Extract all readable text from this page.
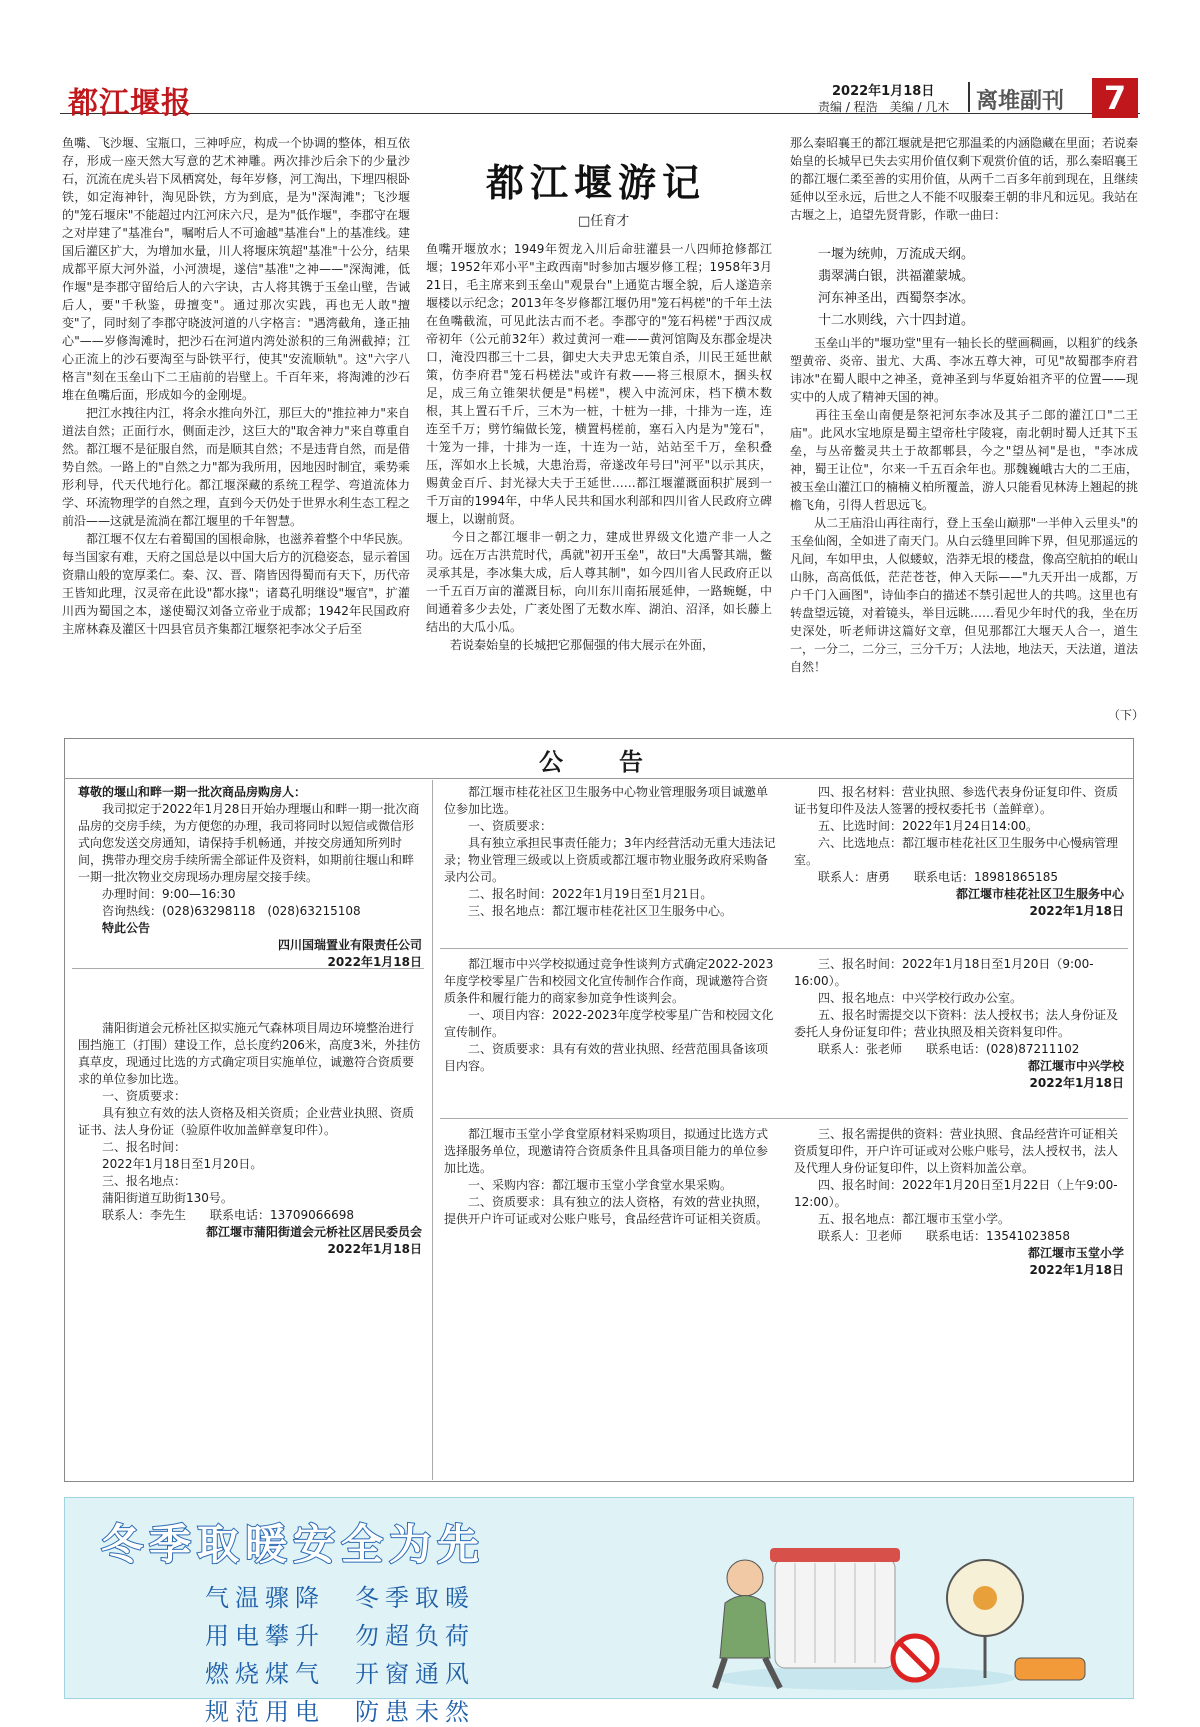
都江堰报	2022年1月18日
责编 / 程浩　美编 / 几木 离堆副刊	7
鱼嘴、飞沙堰、宝瓶口，三神呼应，构成一个协调的整体，相互依存，形成一座天然大写意的艺术神雕。两次排沙后余下的少量沙石，沉流在虎头岩下凤栖窝处，每年岁修，河工淘出，下埋四根卧铁，如定海神针，淘见卧铁，方为到底，是为"深淘滩"；飞沙堰的"笼石堰床"不能超过内江河床六尺，是为"低作堰"，李郡守在堰之对岸建了"基准台"，嘱咐后人不可逾越"基准台"上的基准线。建国后灌区扩大，为增加水量，川人将堰床筑超"基准"十公分，结果成都平原大河外溢，小河溃堤，遂信"基准"之神——"深淘滩，低作堰"是李郡守留给后人的六字诀，古人将其镌于玉垒山壁，告诫后人，要"千秋鉴，毋擅变"。通过那次实践，再也无人敢"擅变"了，同时刻了李郡守晓波河道的八字格言："遇湾截角，逢正抽心"——岁修淘滩时，把沙石在河道内湾处淤积的三角洲截掉；江心正流上的沙石要淘至与卧铁平行，使其"安流顺轨"。这"六字八格言"刻在玉垒山下二王庙前的岩壁上。千百年来，将淘滩的沙石堆在鱼嘴后面，形成如今的金刚堤。
　　把江水拽往内江，将余水推向外江，那巨大的"推拉神力"来自道法自然；正面行水，侧面走沙，这巨大的"取舍神力"来自尊重自然。都江堰不是征服自然，而是顺其自然；不是违背自然，而是借势自然。一路上的"自然之力"都为我所用，因地因时制宜，乘势乘形利导，代天代地行化。都江堰深藏的系统工程学、弯道流体力学、环流物理学的自然之理，直到今天仍处于世界水利生态工程之前沿——这就是流淌在都江堰里的千年智慧。
　　都江堰不仅左右着蜀国的国根命脉，也滋养着整个中华民族。每当国家有难，天府之国总是以中国大后方的沉稳姿态，显示着国资鼎山般的宽厚柔仁。秦、汉、晋、隋皆因得蜀而有天下，历代帝王皆知此理，汉灵帝在此设"都水掾"；诸葛孔明继设"堰官"，扩灌川西为蜀国之本，遂使蜀汉刘备立帝业于成都；1942年民国政府主席林森及灌区十四县官员齐集都江堰祭祀李冰父子后至
都江堰游记
□任育才
鱼嘴开堰放水；1949年贺龙入川后命驻灌县一八四师抢修都江堰；1952年邓小平"主政西南"时参加古堰岁修工程；1958年3月21日，毛主席来到玉垒山"观景台"上通览古堰全貌，后人遂造亲堰楼以示纪念；2013年冬岁修都江堰仍用"笼石杩槎"的千年土法在鱼嘴截流，可见此法古而不老。李郡守的"笼石杩槎"于西汉成帝初年（公元前32年）救过黄河一难——黄河馆陶及东郡金堤决口，淹没四郡三十二县，御史大夫尹忠无策自杀，川民王延世献策，仿李府君"笼石杩槎法"或许有救——将三根原木，捆头权足，成三角立锥架状便是"杩槎"，楔入中流河床，档下横木数根，其上置石千斤，三木为一桩，十桩为一排，十排为一连，连连至千万；劈竹编做长笼，横置杩槎前，塞石入内是为"笼石"，十笼为一排，十排为一连，十连为一站，站站至千万，垒积叠压，浑如水上长城，大患治焉，帝遂改年号曰"河平"以示其庆，赐黄金百斤、封光禄大夫于王延世……都江堰灌溉面积扩展到一千万亩的1994年，中华人民共和国水利部和四川省人民政府立碑堰上，以谢前贤。
　　今日之都江堰非一朝之力，建成世界级文化遗产非一人之功。远在万古洪荒时代，禹就"初开玉垒"，故曰"大禹警其端，鳖灵承其是，李冰集大成，后人尊其制"，如今四川省人民政府正以一千五百万亩的灌溉目标，向川东川南拓展延伸，一路蜿蜒，中间通着多少去处，广袤处图了无数水库、湖泊、沼泽，如长藤上结出的大瓜小瓜。
　　若说秦始皇的长城把它那倔强的伟大展示在外面，
那么秦昭襄王的都江堰就是把它那温柔的内涵隐藏在里面；若说秦始皇的长城早已失去实用价值仅剩下观赏价值的话，那么秦昭襄王的都江堰仁柔至善的实用价值，从两千二百多年前到现在，且继续延伸以至永远，后世之人不能不叹服秦王朝的非凡和远见。我站在古堰之上，追望先贤背影，作歌一曲曰：
一堰为统帅，万流成天纲。
翡翠满白银，洪福灌蒙城。
河东神圣出，西蜀祭李冰。
十二水则线，六十四封道。
　　玉垒山半的"堰功堂"里有一轴长长的壁画稠画，以粗犷的线条塑黄帝、炎帝、蚩尤、大禹、李冰五尊大神，可见"故蜀郡李府君讳冰"在蜀人眼中之神圣，竟神圣到与华夏始祖齐平的位置——现实中的人成了精神天国的神。
　　再往玉垒山南便是祭祀河东李冰及其子二郎的灌江口"二王庙"。此风水宝地原是蜀主望帝杜宇陵寝，南北朝时蜀人迁其下玉垒，与丛帝鳖灵共土于故都郫县，今之"望丛祠"是也，"李冰成神，蜀王让位"，尔来一千五百余年也。那魏巍峨古大的二王庙，被玉垒山灌江口的楠楠义柏所覆盖，游人只能看见林涛上翘起的挑檐飞角，引得人哲思远飞。
　　从二王庙沿山再往南行，登上玉垒山巅那"一半伸入云里头"的玉垒仙阁，全如进了南天门。从白云缝里回眸下界，但见那遥远的凡间，车如甲虫，人似蝼蚁，浩莽无垠的楼盘，像高空航拍的岷山山脉，高高低低，茫茫苍苍，伸入天际——"九天开出一成都，万户千门入画图"，诗仙李白的描述不禁引起世人的共鸣。这里也有转盘望远镜，对着镜头，举目远眺……看见少年时代的我，坐在历史深处，听老师讲这篇好文章，但见那都江大堰天人合一，道生一，一分二，二分三，三分千万；人法地，地法天，天法道，道法自然！
（下）
公　告

尊敬的堰山和畔一期一批次商品房购房人：

我司拟定于2022年1月28日开始办理堰山和畔一期一批次商品房的交房手续，为方便您的办理，我司将同时以短信或微信形式向您发送交房通知，请保持手机畅通，并按交房通知所列时间，携带办理交房手续所需全部证件及资料，如期前往堰山和畔一期一批次物业交房现场办理房屋交接手续。

办理时间：9:00—16:30

咨询热线：(028)63298118　(028)63215108

特此公告

四川国瑞置业有限责任公司

2022年1月18日

蒲阳街道会元桥社区拟实施元气森林项目周边环境整治进行围挡施工（打围）建设工作，总长度约206米，高度3米，外挂仿真草皮，现通过比选的方式确定项目实施单位，诚邀符合资质要求的单位参加比选。

一、资质要求：

具有独立有效的法人资格及相关资质；企业营业执照、资质证书、法人身份证（验原件收加盖鲜章复印件）。

二、报名时间：

2022年1月18日至1月20日。

三、报名地点：

蒲阳街道互助街130号。

联系人：李先生　　联系电话：13709066698

都江堰市蒲阳街道会元桥社区居民委员会

2022年1月18日

都江堰市桂花社区卫生服务中心物业管理服务项目诚邀单位参加比选。

一、资质要求：

具有独立承担民事责任能力；3年内经营活动无重大违法记录；物业管理三级或以上资质或都江堰市物业服务政府采购备录内公司。

二、报名时间：2022年1月19日至1月21日。

三、报名地点：都江堰市桂花社区卫生服务中心。

四、报名材料：营业执照、参选代表身份证复印件、资质证书复印件及法人签署的授权委托书（盖鲜章）。

五、比选时间：2022年1月24日14:00。

六、比选地点：都江堰市桂花社区卫生服务中心慢病管理室。

联系人：唐勇　　联系电话：18981865185

都江堰市桂花社区卫生服务中心

2022年1月18日

都江堰市中兴学校拟通过竞争性谈判方式确定2022-2023年度学校零星广告和校园文化宣传制作合作商，现诚邀符合资质条件和履行能力的商家参加竞争性谈判会。

一、项目内容：2022-2023年度学校零星广告和校园文化宣传制作。

二、资质要求：具有有效的营业执照、经营范围具备该项目内容。

三、报名时间：2022年1月18日至1月20日（9:00-16:00）。

四、报名地点：中兴学校行政办公室。

五、报名时需提交以下资料：法人授权书；法人身份证及委托人身份证复印件；营业执照及相关资料复印件。

联系人：张老师　　联系电话：(028)87211102

都江堰市中兴学校

2022年1月18日

都江堰市玉堂小学食堂原材料采购项目，拟通过比选方式选择服务单位，现邀请符合资质条件且具备项目能力的单位参加比选。

一、采购内容：都江堰市玉堂小学食堂水果采购。

二、资质要求：具有独立的法人资格，有效的营业执照，提供开户许可证或对公账户账号，食品经营许可证相关资质。

三、报名需提供的资料：营业执照、食品经营许可证相关资质复印件，开户许可证或对公账户账号，法人授权书，法人及代理人身份证复印件，以上资料加盖公章。

四、报名时间：2022年1月20日至1月22日（上午9:00-12:00）。

五、报名地点：都江堰市玉堂小学。

联系人：卫老师　　联系电话：13541023858

都江堰市玉堂小学

2022年1月18日

冬季取暖安全为先
气温骤降　冬季取暖
用电攀升　勿超负荷
燃烧煤气　开窗通风
规范用电　防患未然
